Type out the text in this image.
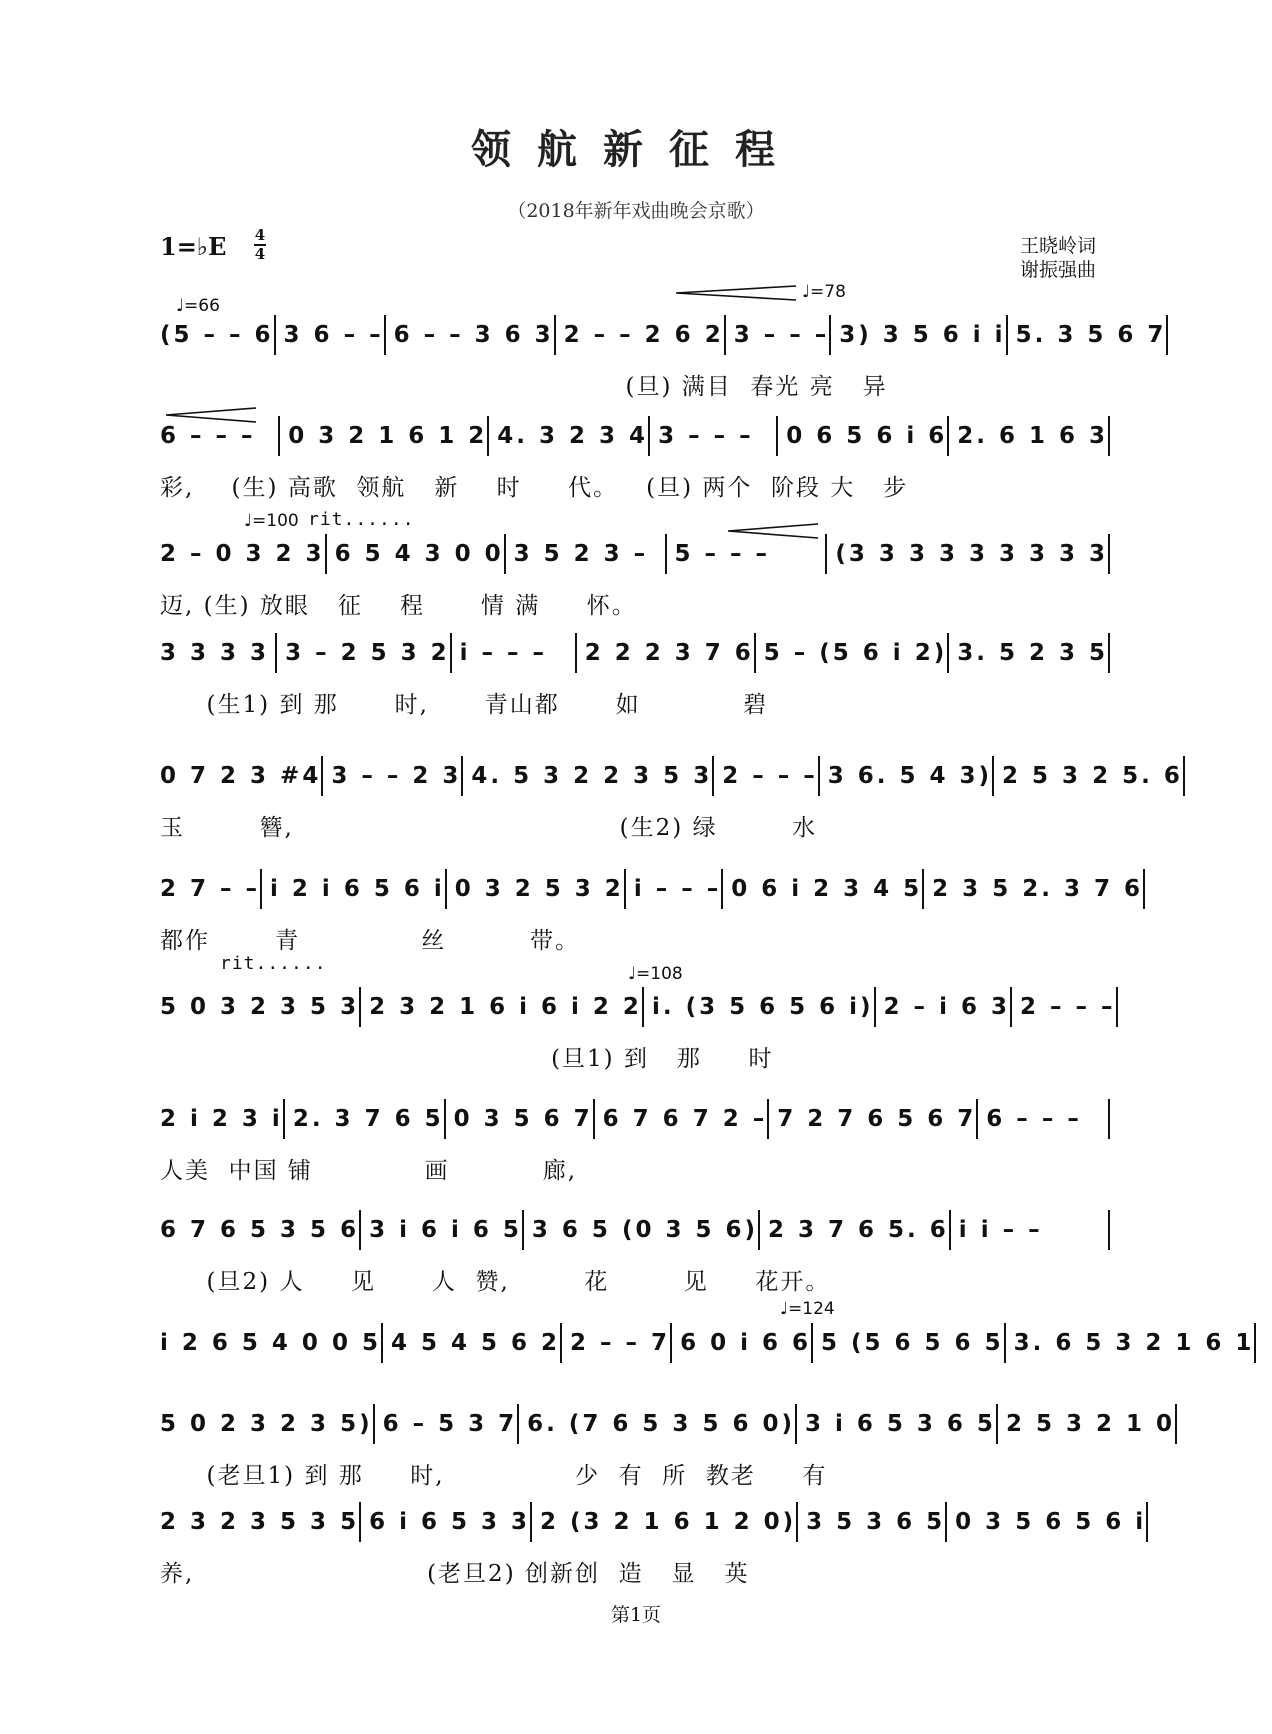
领航新征程
（2018年新年戏曲晚会京歌）
1=♭E 4
4	王晓岭词
谢振强曲
♩=66
♩=78
♩=100 rit......
rit......	♩=108
♩=124
(5 – – 6 3 6 – – 6 – – 3 6 3 2 – – 2 6 2 3 – – – 3) 3 5 6 i i 5. 3 5 6 7
(旦) 满目  春光 亮   异
6 – – –	0 3 2 1 6 1 2 4. 3 2 3 4 3 – – –	0 6 5 6 i 6 2. 6 1 6 3
彩,    (生) 高歌  领航   新    时     代。   (旦) 两个  阶段 大   步
2 – 0 3 2 3 6 5 4 3 0 0 3 5 2 3 –	5 – – –	(3 3 3 3 3 3 3 3 3
迈, (生) 放眼   征    程      情 满     怀。
3 3 3 3 3 – 2 5 3 2 i – – –	2 2 2 3 7 6 5 – (5 6 i 2) 3. 5 2 3 5
(生1) 到 那      时,      青山都      如           碧
0 7 2 3 #4 3 – – 2 3 4. 5 3 2 2 3 5 3 2 – – – 3 6. 5 4 3) 2 5 3 2 5. 6
玉        簪,                                   (生2) 绿        水
2 7 – – i 2 i 6 5 6 i 0 3 2 5 3 2 i – – – 0 6 i 2 3 4 5 2 3 5 2. 3 7 6
都作       青             丝         带。
5 0 3 2 3 5 3 2 3 2 1 6 i 6 i 2 2 i. (3 5 6 5 6 i) 2 – i 6 3 2 – – –
(旦1) 到   那     时
2 i 2 3 i 2. 3 7 6 5 0 3 5 6 7 6 7 6 7 2 – 7 2 7 6 5 6 7 6 – – –
人美  中国 铺            画          廊,
6 7 6 5 3 5 6 3 i 6 i 6 5 3 6 5 (0 3 5 6) 2 3 7 6 5. 6 i i – –
(旦2) 人     见      人  赞,        花        见     花开。
i 2 6 5 4 0 0 5 4 5 4 5 6 2 2 – – 7 6 0 i 6 6 5 (5 6 5 6 5 3. 6 5 3 2 1 6 1
5 0 2 3 2 3 5) 6 – 5 3 7 6. (7 6 5 3 5 6 0) 3 i 6 5 3 6 5 2 5 3 2 1 0
(老旦1) 到 那     时,              少  有  所  教老     有
2 3 2 3 5 3 5 6 i 6 5 3 3 2 (3 2 1 6 1 2 0) 3 5 3 6 5 0 3 5 6 5 6 i
养,                         (老旦2) 创新创  造   显   英
第1页
